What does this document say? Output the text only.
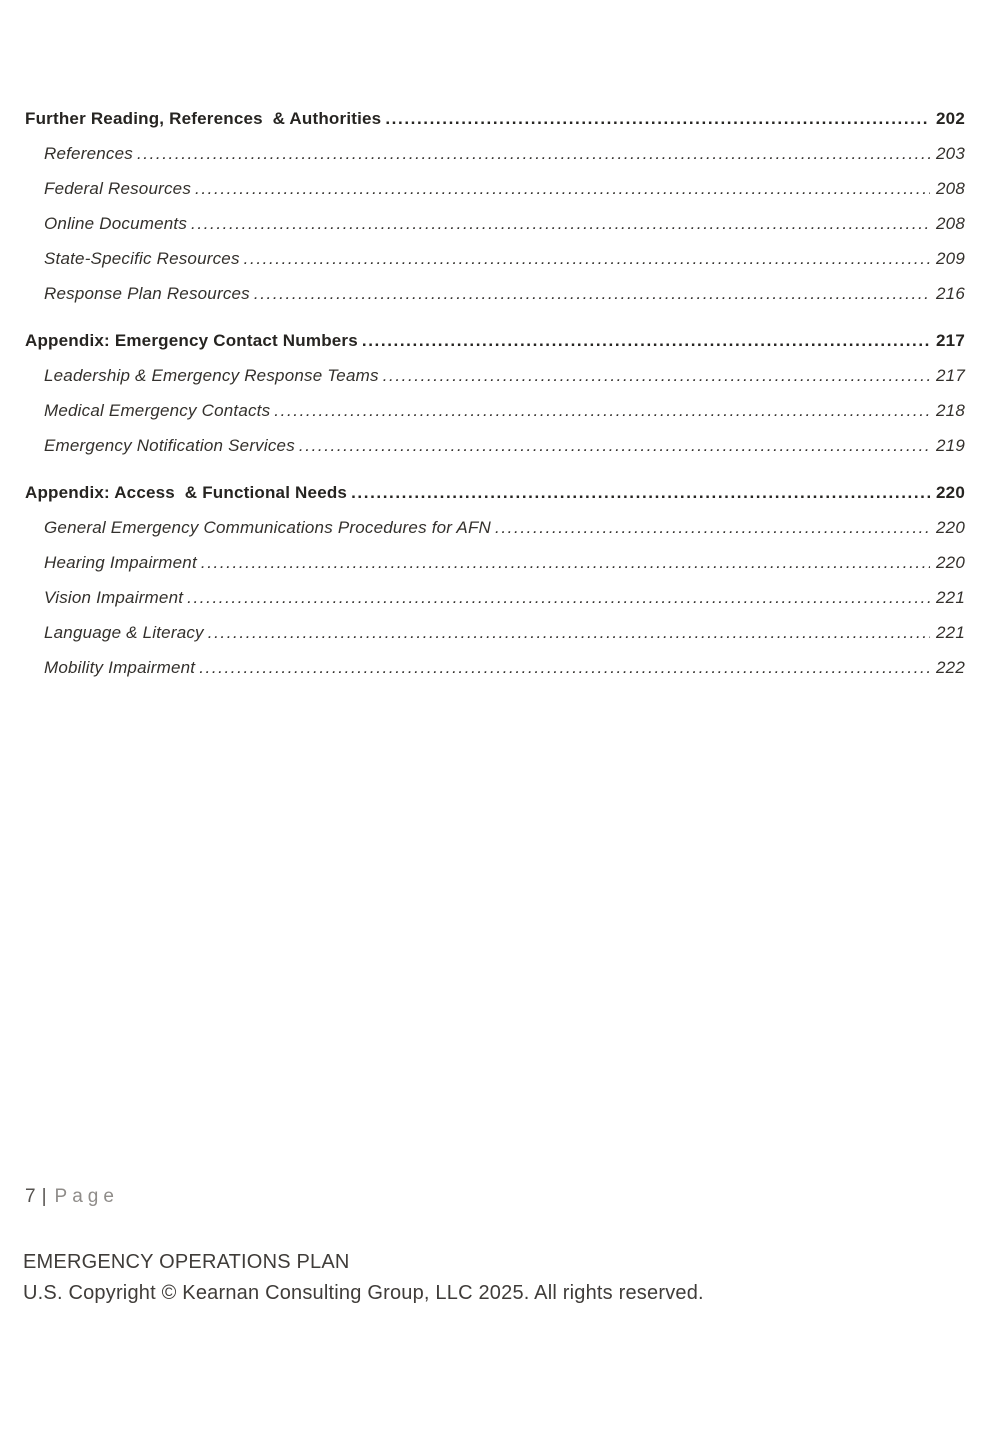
Further Reading, References  & Authorities .....	202
References .....	203
Federal Resources .....	208
Online Documents .....	208
State-Specific Resources .....	209
Response Plan Resources .....	216
Appendix: Emergency Contact Numbers .....	217
Leadership & Emergency Response Teams .....	217
Medical Emergency Contacts .....	218
Emergency Notification Services .....	219
Appendix: Access  & Functional Needs .....	220
General Emergency Communications Procedures for AFN .....	220
Hearing Impairment .....	220
Vision Impairment .....	221
Language & Literacy .....	221
Mobility Impairment .....	222
7 | Page
EMERGENCY OPERATIONS PLAN
U.S. Copyright © Kearnan Consulting Group, LLC 2025. All rights reserved.
